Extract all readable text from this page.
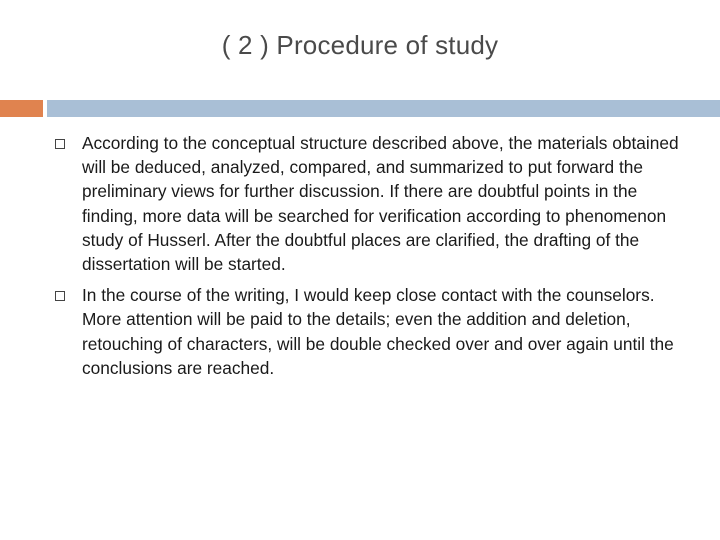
( 2 ) Procedure of study
According to the conceptual structure described above, the materials obtained will be deduced, analyzed, compared, and summarized to put forward the preliminary views for further discussion. If there are doubtful points in the finding, more data will be searched for verification according to phenomenon study of Husserl. After the doubtful places are clarified, the drafting of the dissertation will be started.
In the course of the writing, I would keep close contact with the counselors. More attention will be paid to the details; even the addition and deletion, retouching of characters, will be double checked over and over again until the conclusions are reached.
